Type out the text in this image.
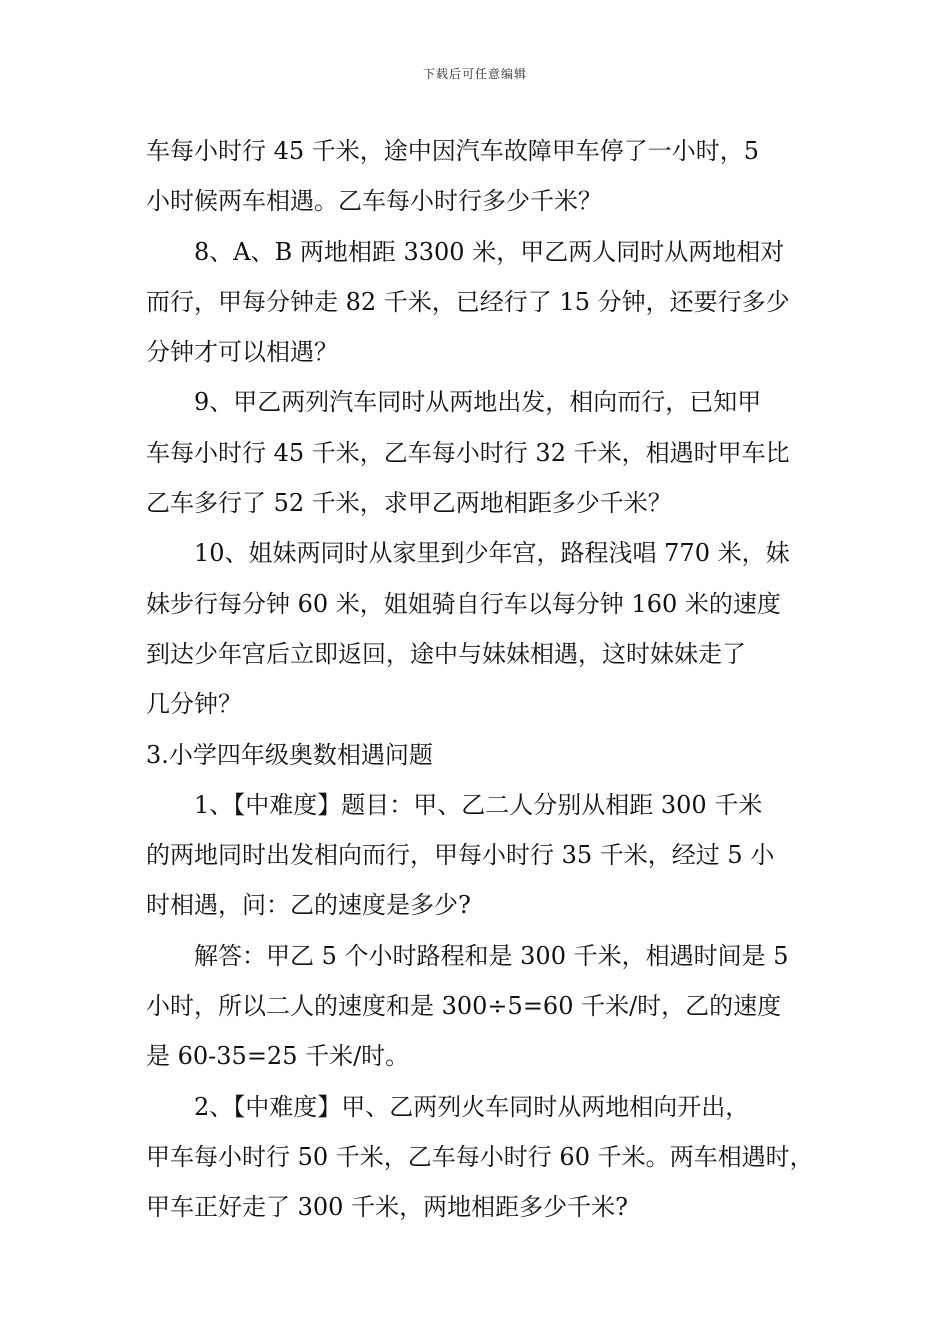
下载后可任意编辑
车每小时行 45 千米，途中因汽车故障甲车停了一小时，5
小时候两车相遇。乙车每小时行多少千米？
8、A、B 两地相距 3300 米，甲乙两人同时从两地相对
而行，甲每分钟走 82 千米，已经行了 15 分钟，还要行多少
分钟才可以相遇？
9、甲乙两列汽车同时从两地出发，相向而行，已知甲
车每小时行 45 千米，乙车每小时行 32 千米，相遇时甲车比
乙车多行了 52 千米，求甲乙两地相距多少千米？
10、姐妹两同时从家里到少年宫，路程浅唱 770 米，妹
妹步行每分钟 60 米，姐姐骑自行车以每分钟 160 米的速度
到达少年宫后立即返回，途中与妹妹相遇，这时妹妹走了
几分钟？
3.小学四年级奥数相遇问题
1、【中难度】题目：甲、乙二人分别从相距 300 千米
的两地同时出发相向而行，甲每小时行 35 千米，经过 5 小
时相遇，问：乙的速度是多少?
解答：甲乙 5 个小时路程和是 300 千米，相遇时间是 5
小时，所以二人的速度和是 300÷5=60 千米/时，乙的速度
是 60-35=25 千米/时。
2、【中难度】甲、乙两列火车同时从两地相向开出，
甲车每小时行 50 千米，乙车每小时行 60 千米。两车相遇时，
甲车正好走了 300 千米，两地相距多少千米?
